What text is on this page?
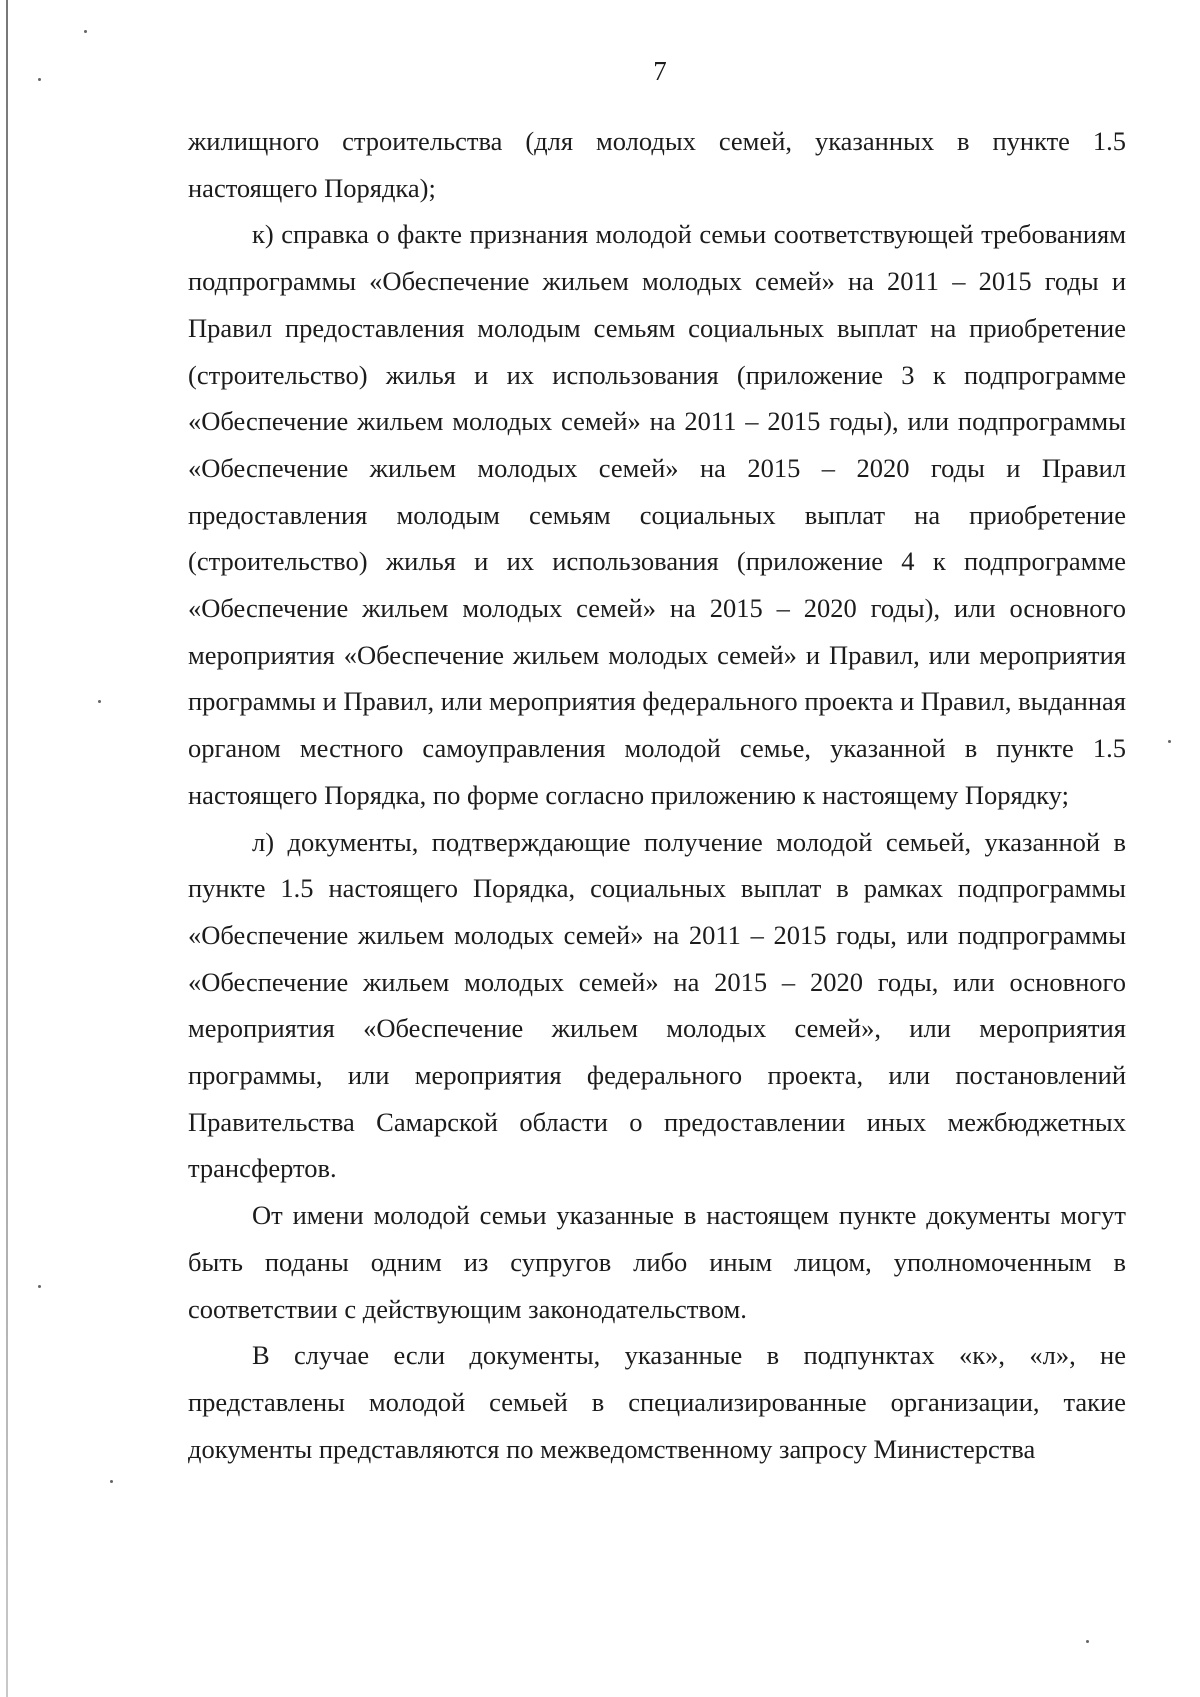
7

жилищного строительства (для молодых семей, указанных в пункте 1.5 настоящего Порядка);

к) справка о факте признания молодой семьи соответствующей требованиям подпрограммы «Обеспечение жильем молодых семей» на 2011 – 2015 годы и Правил предоставления молодым семьям социальных выплат на приобретение (строительство) жилья и их использования (приложение 3 к подпрограмме «Обеспечение жильем молодых семей» на 2011 – 2015 годы), или подпрограммы «Обеспечение жильем молодых семей» на 2015 – 2020 годы и Правил предоставления молодым семьям социальных выплат на приобретение (строительство) жилья и их использования (приложение 4 к подпрограмме «Обеспечение жильем молодых семей» на 2015 – 2020 годы), или основного мероприятия «Обеспечение жильем молодых семей» и Правил, или мероприятия программы и Правил, или мероприятия федерального проекта и Правил, выданная органом местного самоуправления молодой семье, указанной в пункте 1.5 настоящего Порядка, по форме согласно приложению к настоящему Порядку;

л) документы, подтверждающие получение молодой семьей, указанной в пункте 1.5 настоящего Порядка, социальных выплат в рамках подпрограммы «Обеспечение жильем молодых семей» на 2011 – 2015 годы, или подпрограммы «Обеспечение жильем молодых семей» на 2015 – 2020 годы, или основного мероприятия «Обеспечение жильем молодых семей», или мероприятия программы, или мероприятия федерального проекта, или постановлений Правительства Самарской области о предоставлении иных межбюджетных трансфертов.

От имени молодой семьи указанные в настоящем пункте документы могут быть поданы одним из супругов либо иным лицом, уполномоченным в соответствии с действующим законодательством.

В случае если документы, указанные в подпунктах «к», «л», не представлены молодой семьей в специализированные организации, такие документы представляются по межведомственному запросу Министерства
